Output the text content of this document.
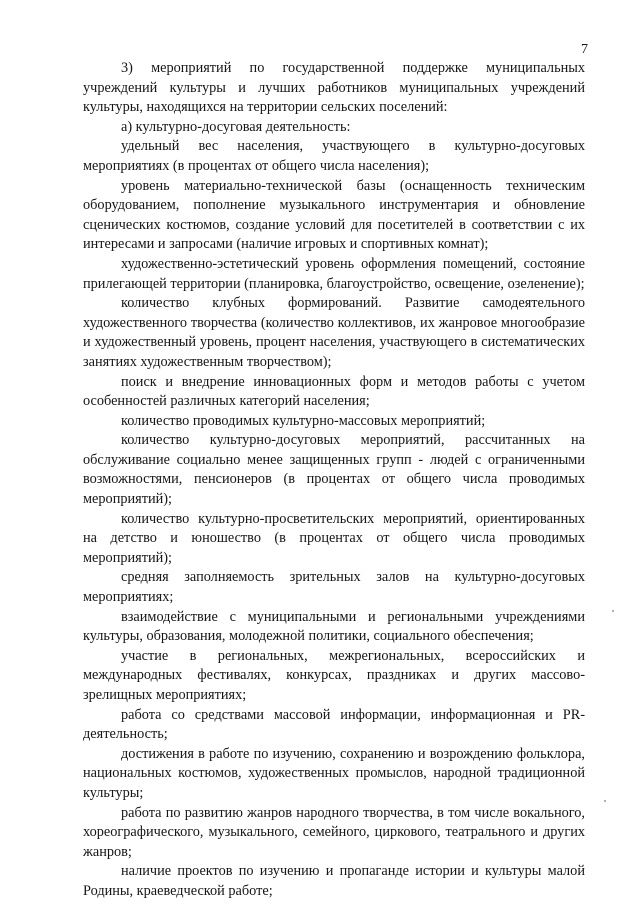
7

3) мероприятий по государственной поддержке муниципальных учреждений культуры и лучших работников муниципальных учреждений культуры, находящихся на территории сельских поселений:

а) культурно-досуговая деятельность:

удельный вес населения, участвующего в культурно-досуговых мероприятиях (в процентах от общего числа населения);

уровень материально-технической базы (оснащенность техническим оборудованием, пополнение музыкального инструментария и обновление сценических костюмов, создание условий для посетителей в соответствии с их интересами и запросами (наличие игровых и спортивных комнат);

художественно-эстетический уровень оформления помещений, состояние прилегающей территории (планировка, благоустройство, освещение, озеленение);

количество клубных формирований. Развитие самодеятельного художественного творчества (количество коллективов, их жанровое многообразие и художественный уровень, процент населения, участвующего в систематических занятиях художественным творчеством);

поиск и внедрение инновационных форм и методов работы с учетом особенностей различных категорий населения;

количество проводимых культурно-массовых мероприятий;

количество культурно-досуговых мероприятий, рассчитанных на обслуживание социально менее защищенных групп - людей с ограниченными возможностями, пенсионеров (в процентах от общего числа проводимых мероприятий);

количество культурно-просветительских мероприятий, ориентированных на детство и юношество (в процентах от общего числа проводимых мероприятий);

средняя заполняемость зрительных залов на культурно-досуговых мероприятиях;

взаимодействие с муниципальными и региональными учреждениями культуры, образования, молодежной политики, социального обеспечения;

участие в региональных, межрегиональных, всероссийских и международных фестивалях, конкурсах, праздниках и других массово-зрелищных мероприятиях;

работа со средствами массовой информации, информационная и PR-деятельность;

достижения в работе по изучению, сохранению и возрождению фольклора, национальных костюмов, художественных промыслов, народной традиционной культуры;

работа по развитию жанров народного творчества, в том числе вокального, хореографического, музыкального, семейного, циркового, театрального и других жанров;

наличие проектов по изучению и пропаганде истории и культуры малой Родины, краеведческой работе;
